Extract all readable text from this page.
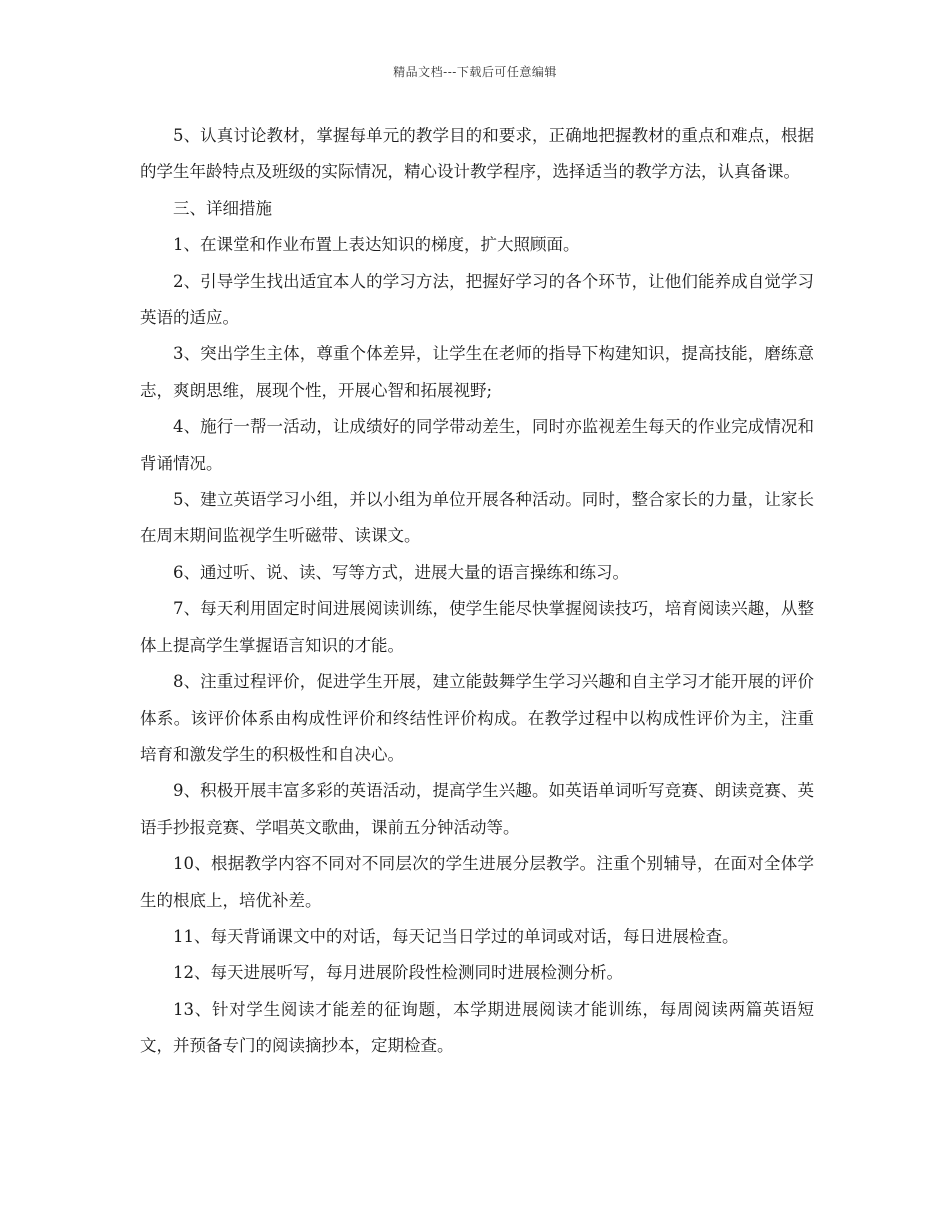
精品文档---下载后可任意编辑

5、认真讨论教材，掌握每单元的教学目的和要求，正确地把握教材的重点和难点，根据的学生年龄特点及班级的实际情况，精心设计教学程序，选择适当的教学方法，认真备课。

三、详细措施

1、在课堂和作业布置上表达知识的梯度，扩大照顾面。

2、引导学生找出适宜本人的学习方法，把握好学习的各个环节，让他们能养成自觉学习英语的适应。

3、突出学生主体，尊重个体差异，让学生在老师的指导下构建知识，提高技能，磨练意志，爽朗思维，展现个性，开展心智和拓展视野;

4、施行一帮一活动，让成绩好的同学带动差生，同时亦监视差生每天的作业完成情况和背诵情况。

5、建立英语学习小组，并以小组为单位开展各种活动。同时，整合家长的力量，让家长在周末期间监视学生听磁带、读课文。

6、通过听、说、读、写等方式，进展大量的语言操练和练习。

7、每天利用固定时间进展阅读训练，使学生能尽快掌握阅读技巧，培育阅读兴趣，从整体上提高学生掌握语言知识的才能。

8、注重过程评价，促进学生开展，建立能鼓舞学生学习兴趣和自主学习才能开展的评价体系。该评价体系由构成性评价和终结性评价构成。在教学过程中以构成性评价为主，注重培育和激发学生的积极性和自决心。

9、积极开展丰富多彩的英语活动，提高学生兴趣。如英语单词听写竞赛、朗读竞赛、英语手抄报竞赛、学唱英文歌曲，课前五分钟活动等。

10、根据教学内容不同对不同层次的学生进展分层教学。注重个别辅导，在面对全体学生的根底上，培优补差。

11、每天背诵课文中的对话，每天记当日学过的单词或对话，每日进展检查。

12、每天进展听写，每月进展阶段性检测同时进展检测分析。

13、针对学生阅读才能差的征询题，本学期进展阅读才能训练，每周阅读两篇英语短文，并预备专门的阅读摘抄本，定期检查。
